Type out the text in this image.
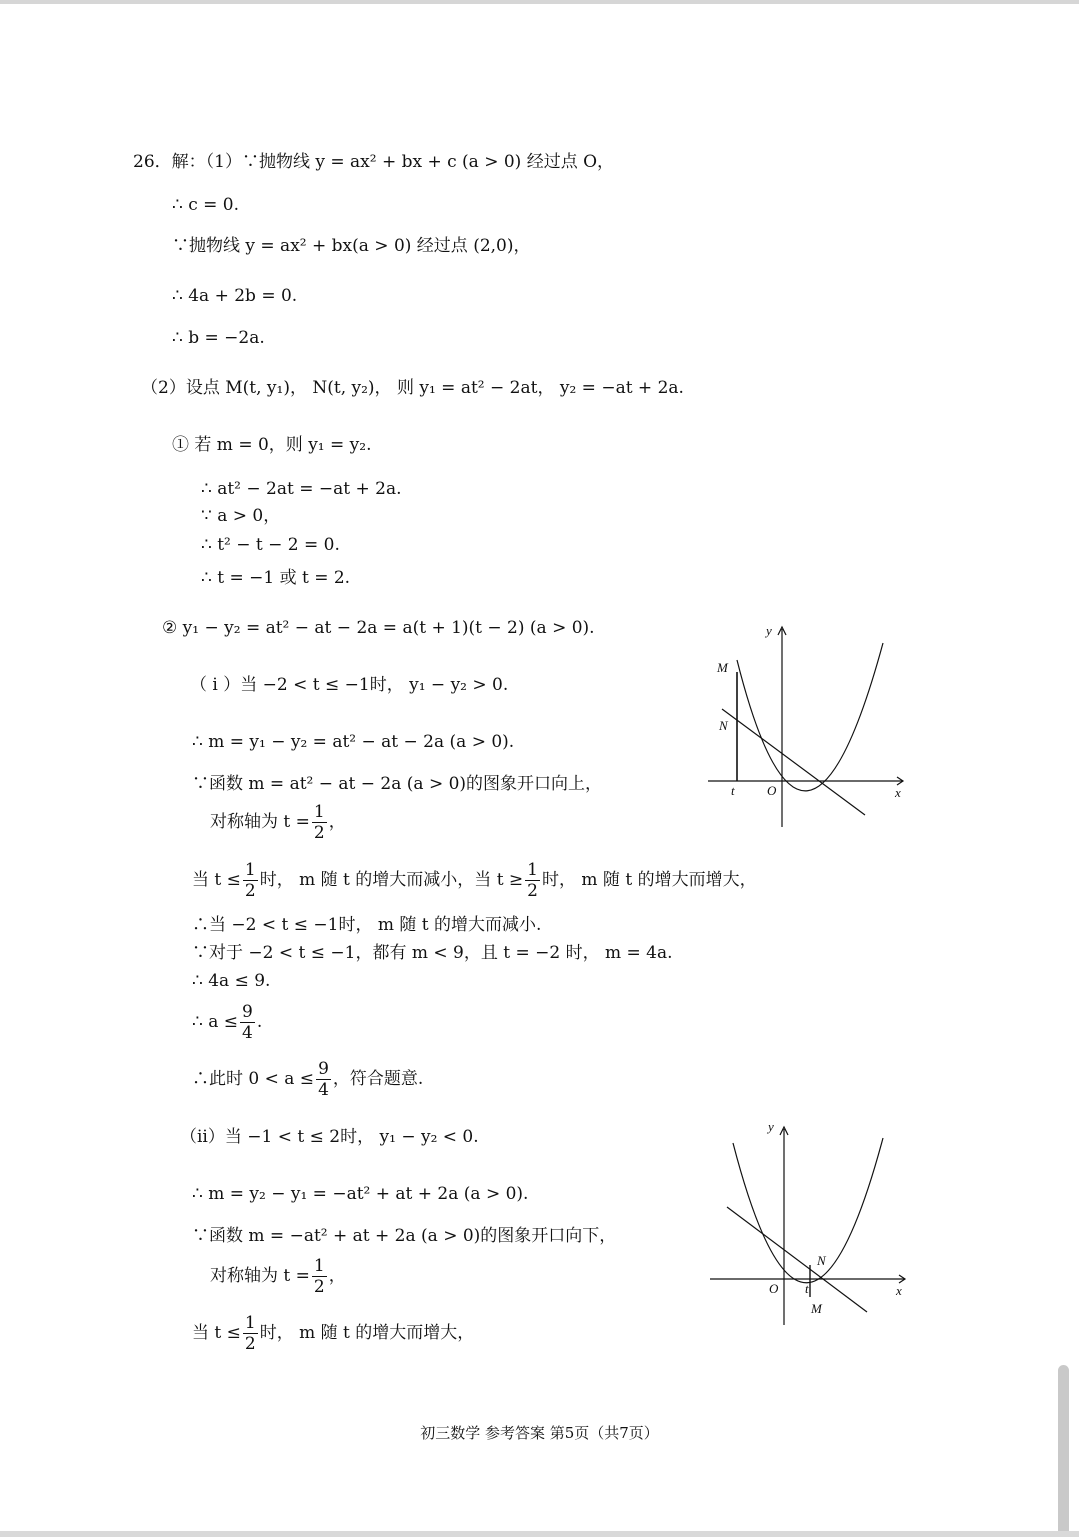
26．解：（1）∵抛物线 y = ax² + bx + c (a > 0) 经过点 O，
∴ c = 0.
∵抛物线 y = ax² + bx(a > 0) 经过点 (2,0)，
∴ 4a + 2b = 0.
∴ b = −2a.
（2）设点 M(t, y₁)， N(t, y₂)， 则 y₁ = at² − 2at， y₂ = −at + 2a.
① 若 m = 0，则 y₁ = y₂.
∴ at² − 2at = −at + 2a.
∵ a > 0，
∴ t² − t − 2 = 0.
∴ t = −1 或 t = 2.
② y₁ − y₂ = at² − at − 2a = a(t + 1)(t − 2) (a > 0).
（ i ）当 −2 < t ≤ −1时， y₁ − y₂ > 0.
∴ m = y₁ − y₂ = at² − at − 2a (a > 0).
∵函数 m = at² − at − 2a (a > 0)的图象开口向上，
对称轴为 $t = \frac{1}{2}$ ，
当 $t \le \frac{1}{2}$ 时， m 随 t 的增大而减小，当 $t \ge \frac{1}{2}$ 时， m 随 t 的增大而增大，
∴当 −2 < t ≤ −1时， m 随 t 的增大而减小.
∵对于 −2 < t ≤ −1，都有 m < 9，且 t = −2 时， m = 4a.
∴ 4a ≤ 9.
∴ $a \le \frac{9}{4}$ .
∴此时 $0 < a \le \frac{9}{4}$ ，符合题意.
（ii）当 −1 < t ≤ 2时， y₁ − y₂ < 0.
∴ m = y₂ − y₁ = −at² + at + 2a (a > 0).
∵函数 m = −at² + at + 2a (a > 0)的图象开口向下，
对称轴为 $t = \frac{1}{2}$ ，
当 $t \le \frac{1}{2}$ 时， m 随 t 的增大而增大，
y
x
O
t
M
N
y
x
O t
M
N
初三数学 参考答案 第5页（共7页）
